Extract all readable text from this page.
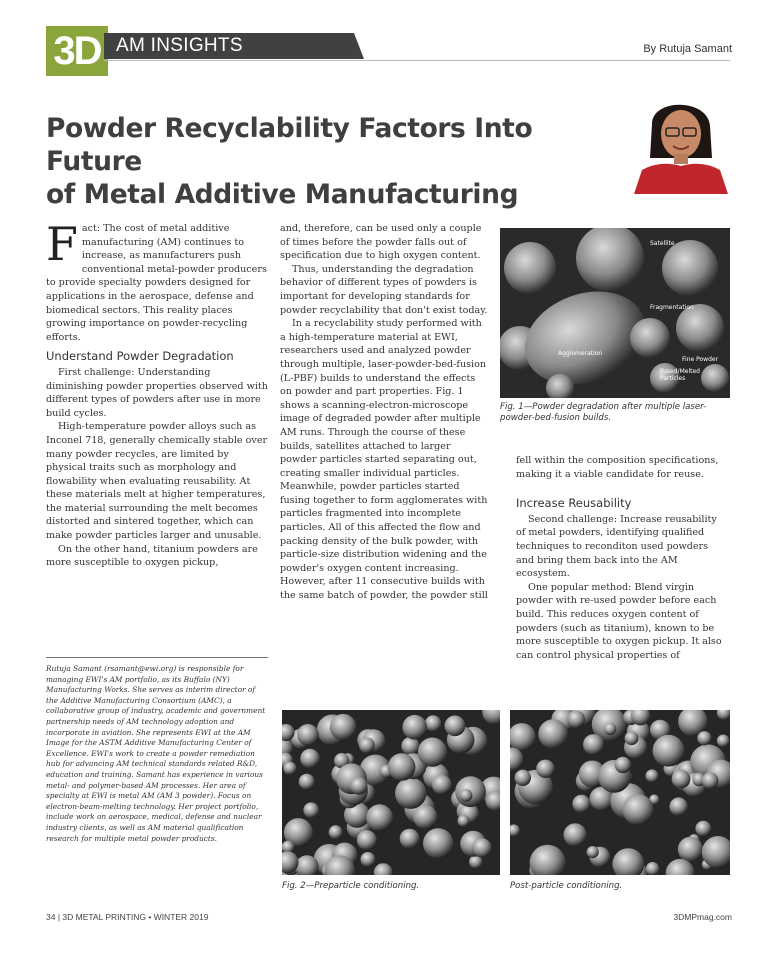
3D AM INSIGHTS	By Rutuja Samant
Powder Recyclability Factors Into Future
of Metal Additive Manufacturing
F act: The cost of metal additive manufacturing (AM) continues to increase, as manufacturers push conventional metal-powder producers to provide specialty powders designed for applications in the aerospace, defense and biomedical sectors. This reality places growing importance on powder-recycling efforts.

Understand Powder Degradation

First challenge: Understanding diminishing powder properties observed with different types of powders after use in more build cycles.

High-temperature powder alloys such as Inconel 718, generally chemically stable over many powder recycles, are limited by physical traits such as morphology and flowability when evaluating reusability. At these materials melt at higher temperatures, the material surrounding the melt becomes distorted and sintered together, which can make powder particles larger and unusable.

On the other hand, titanium powders are more susceptible to oxygen pickup,

Rutuja Samant (rsamant@ewi.org) is responsible for managing EWI's AM portfolio, as its Buffalo (NY) Manufacturing Works. She serves as interim director of the Additive Manufacturing Consortium (AMC), a collaborative group of industry, academic and government partnership needs of AM technology adoption and incorporate in aviation. She represents EWI at the AM Image for the ASTM Additive Manufacturing Center of Excellence. EWI's work to create a powder remediation hub for advancing AM technical standards related R&D, education and training. Samant has experience in various metal- and polymer-based AM processes. Her area of specialty at EWI is metal AM (AM 3 powder). Focus on electron-beam-melting technology. Her project portfolio, include work on aerospace, medical, defense and nuclear industry clients, as well as AM material qualification research for multiple metal powder products.

and, therefore, can be used only a couple of times before the powder falls out of specification due to high oxygen content.

Thus, understanding the degradation behavior of different types of powders is important for developing standards for powder recyclability that don't exist today.

In a recyclability study performed with a high-temperature material at EWI, researchers used and analyzed powder through multiple, laser-powder-bed-fusion (L-PBF) builds to understand the effects on powder and part properties. Fig. 1 shows a scanning-electron-microscope image of degraded powder after multiple AM runs. Through the course of these builds, satellites attached to larger powder particles started separating out, creating smaller individual particles. Meanwhile, powder particles started fusing together to form agglomerates with particles fragmented into incomplete particles. All of this affected the flow and packing density of the bulk powder, with particle-size distribution widening and the powder's oxygen content increasing. However, after 11 consecutive builds with the same batch of powder, the powder still

Satellite
Fragmentation
Agglomeration
Fine Powder
Fused/Melted Particles
Fig. 1—Powder degradation after multiple laser-powder-bed-fusion builds.

fell within the composition specifications, making it a viable candidate for reuse.

Increase Reusability

Second challenge: Increase reusability of metal powders, identifying qualified techniques to reconditon used powders and bring them back into the AM ecosystem.

One popular method: Blend virgin powder with re-used powder before each build. This reduces oxygen content of powders (such as titanium), known to be more susceptible to oxygen pickup. It also can control physical properties of

Fig. 2—Preparticle conditioning.	Post-particle conditioning.
34 | 3D METAL PRINTING • WINTER 2019	3DMPmag.com
